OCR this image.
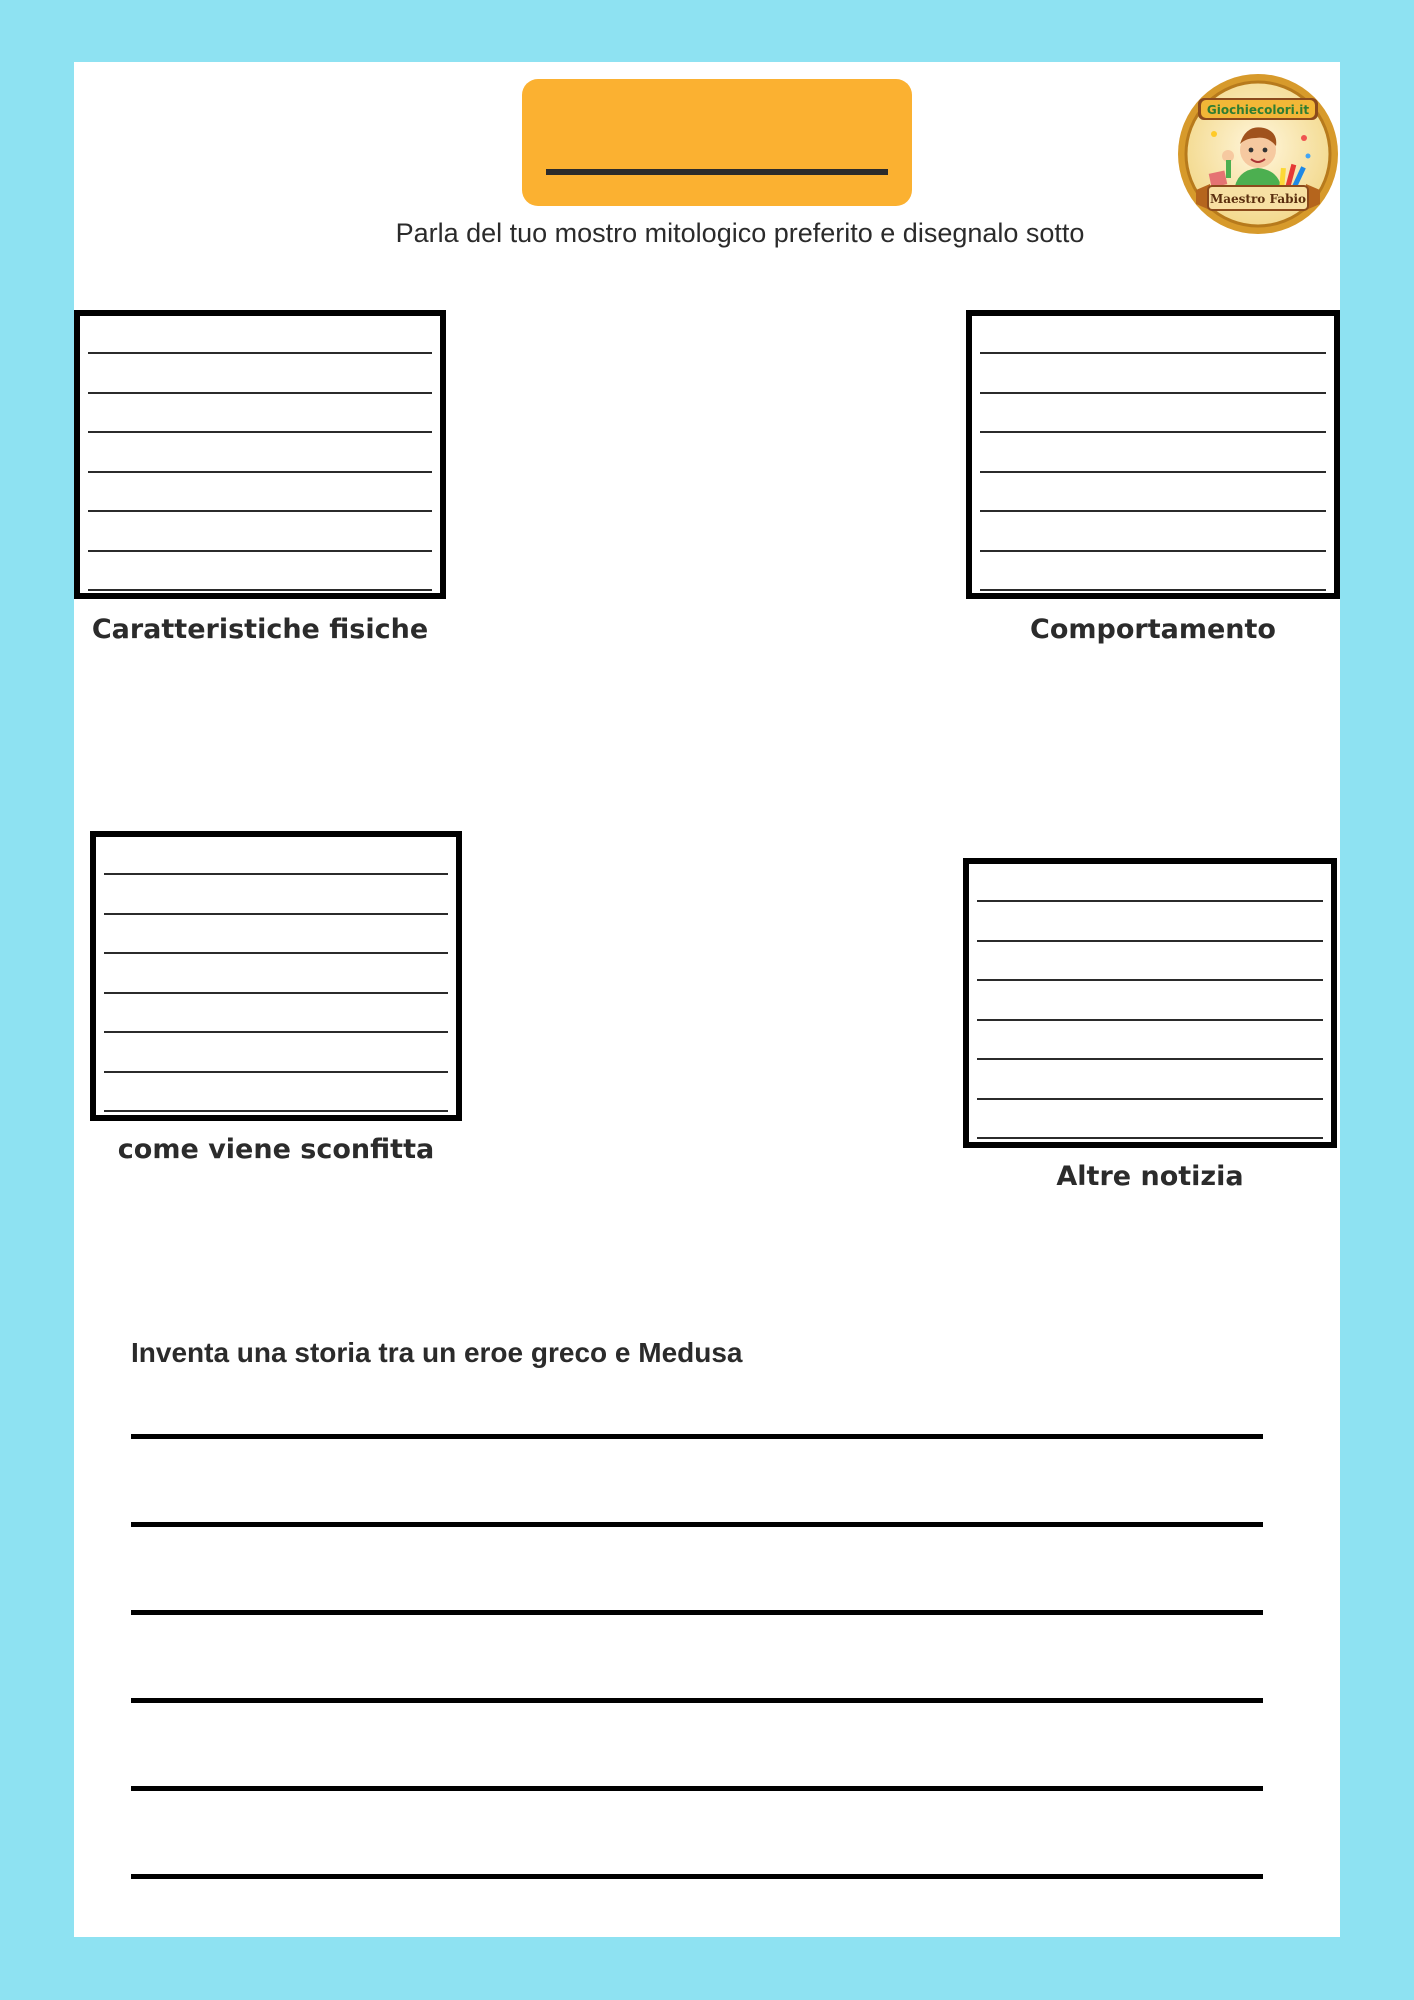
Parla del tuo mostro mitologico preferito e disegnalo sotto
Giochiecolori.it
Maestro Fabio
Caratteristiche fisiche	Comportamento
come viene sconfitta
Altre notizia
Inventa una storia tra un eroe greco e Medusa
